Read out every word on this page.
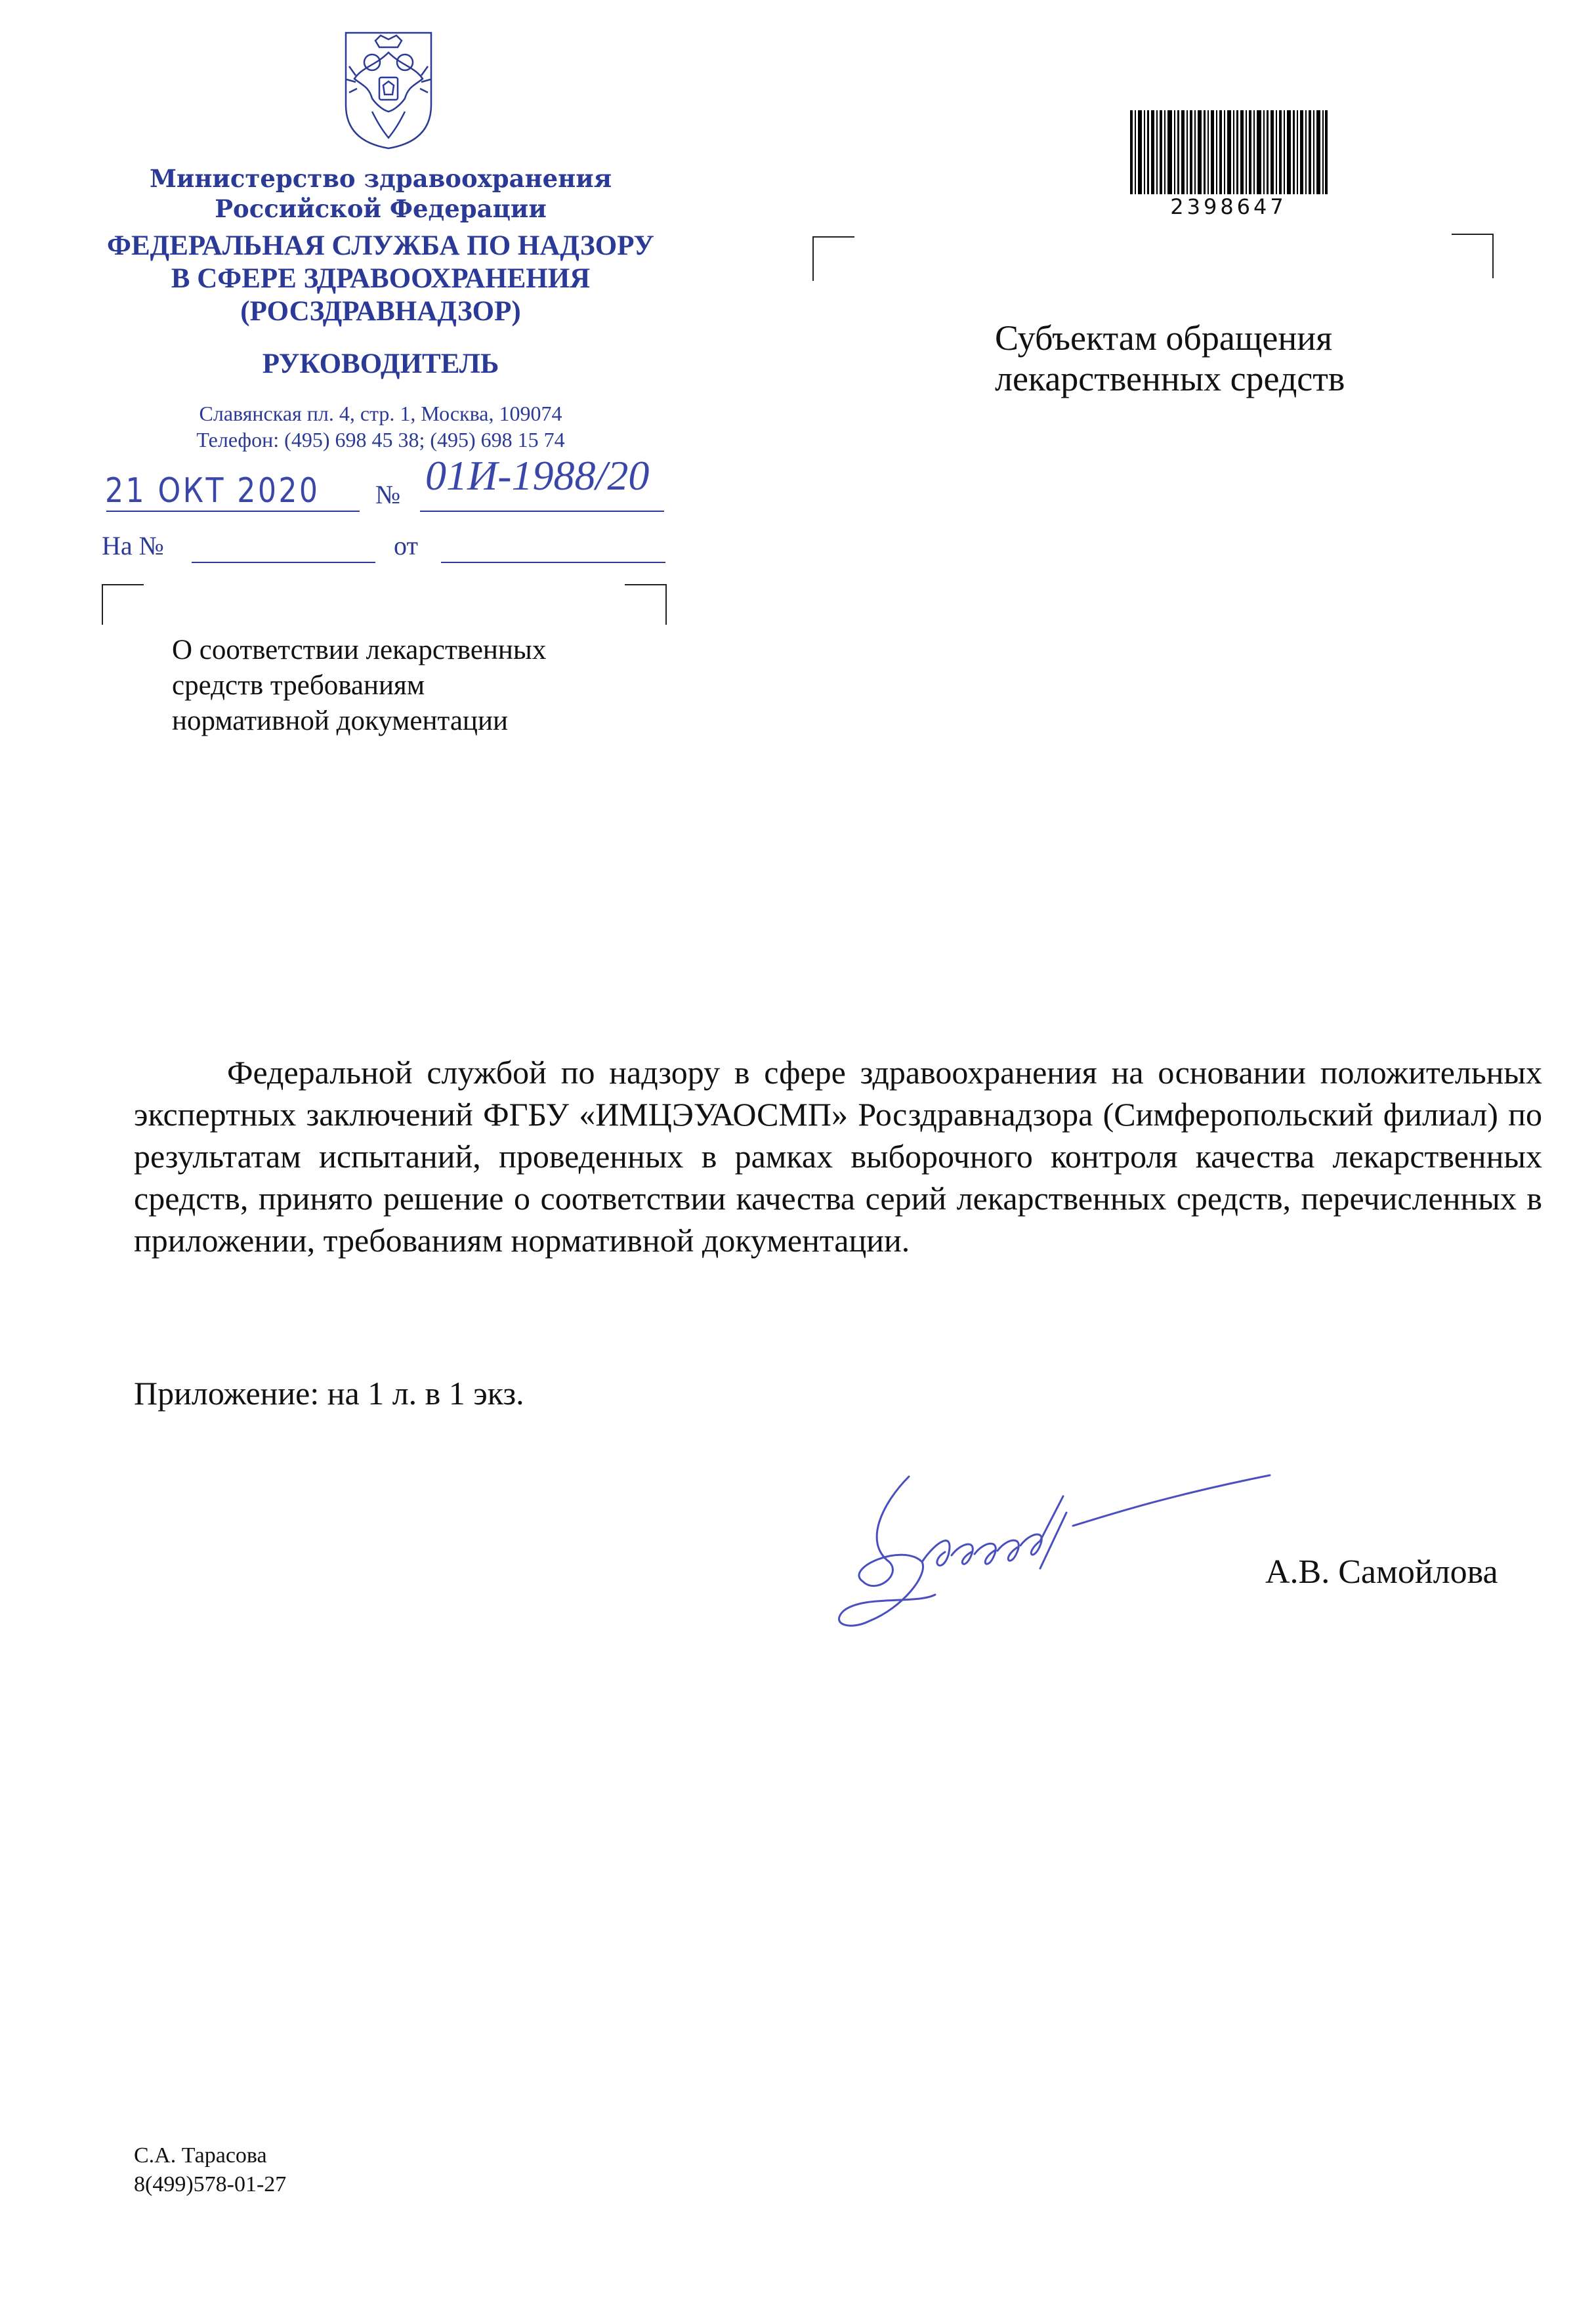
Министерство здравоохранения
Российской Федерации
ФЕДЕРАЛЬНАЯ СЛУЖБА ПО НАДЗОРУ
В СФЕРЕ ЗДРАВООХРАНЕНИЯ
(РОСЗДРАВНАДЗОР)
РУКОВОДИТЕЛЬ
Славянская пл. 4, стр. 1, Москва, 109074
Телефон: (495) 698 45 38; (495) 698 15 74
21 ОКТ 2020 № 01И-1988/20
На №	от
О соответствии лекарственных
средств требованиям
нормативной документации
2398647
Субъектам обращения
лекарственных средств
Федеральной службой по надзору в сфере здравоохранения на основании положительных экспертных заключений ФГБУ «ИМЦЭУАОСМП» Росздравнадзора (Симферопольский филиал) по результатам испытаний, проведенных в рамках выборочного контроля качества лекарственных средств, принято решение о соответствии качества серий лекарственных средств, перечисленных в приложении, требованиям нормативной документации.
Приложение: на 1 л. в 1 экз.
А.В. Самойлова
С.А. Тарасова
8(499)578-01-27
